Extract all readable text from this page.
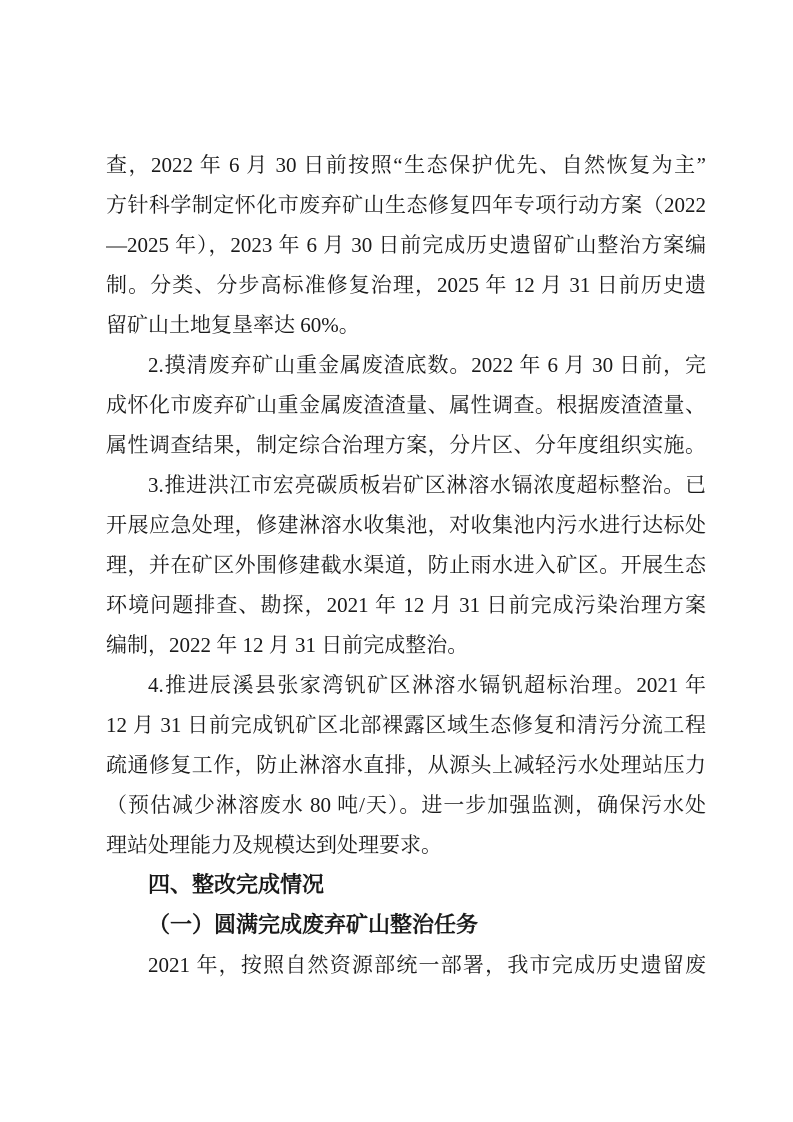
查，2022 年 6 月 30 日前按照“生态保护优先、自然恢复为主”
方针科学制定怀化市废弃矿山生态修复四年专项行动方案（2022
—2025 年），2023 年 6 月 30 日前完成历史遗留矿山整治方案编
制。分类、分步高标准修复治理，2025 年 12 月 31 日前历史遗
留矿山土地复垦率达 60%。
2.摸清废弃矿山重金属废渣底数。2022 年 6 月 30 日前，完
成怀化市废弃矿山重金属废渣渣量、属性调查。根据废渣渣量、
属性调查结果，制定综合治理方案，分片区、分年度组织实施。
3.推进洪江市宏亮碳质板岩矿区淋溶水镉浓度超标整治。已
开展应急处理，修建淋溶水收集池，对收集池内污水进行达标处
理，并在矿区外围修建截水渠道，防止雨水进入矿区。开展生态
环境问题排查、勘探，2021 年 12 月 31 日前完成污染治理方案
编制，2022 年 12 月 31 日前完成整治。
4.推进辰溪县张家湾钒矿区淋溶水镉钒超标治理。2021 年
12 月 31 日前完成钒矿区北部裸露区域生态修复和清污分流工程
疏通修复工作，防止淋溶水直排，从源头上减轻污水处理站压力
（预估减少淋溶废水 80 吨/天）。进一步加强监测，确保污水处
理站处理能力及规模达到处理要求。
四、整改完成情况
（一）圆满完成废弃矿山整治任务
2021 年，按照自然资源部统一部署，我市完成历史遗留废
